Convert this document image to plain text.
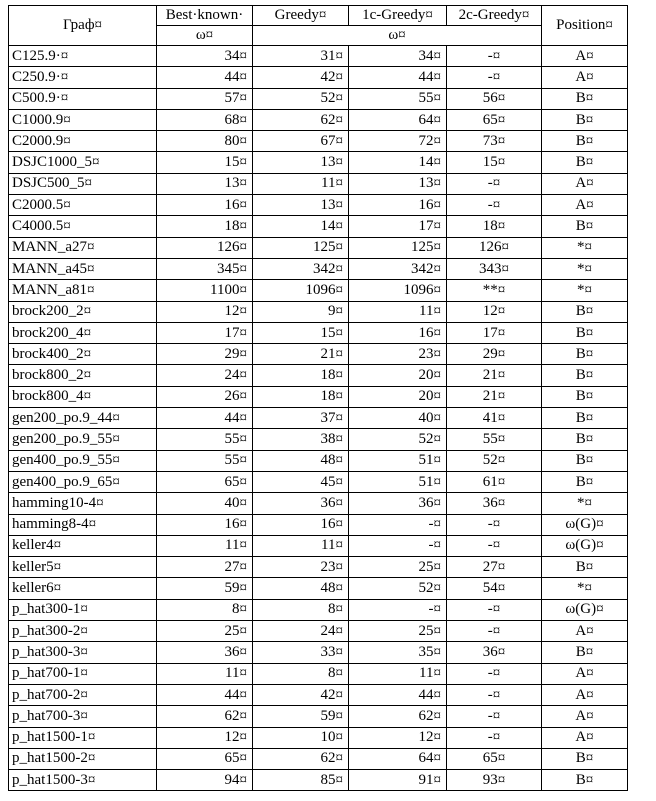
Граф¤	Best·known·	Greedy¤	1c-Greedy¤	2c-Greedy¤	Position¤
	ω¤	ω¤			
C125.9·¤	34¤	31¤	34¤	-¤	A¤
C250.9·¤	44¤	42¤	44¤	-¤	A¤
C500.9·¤	57¤	52¤	55¤	56¤	B¤
C1000.9¤	68¤	62¤	64¤	65¤	B¤
C2000.9¤	80¤	67¤	72¤	73¤	B¤
DSJC1000_5¤	15¤	13¤	14¤	15¤	B¤
DSJC500_5¤	13¤	11¤	13¤	-¤	A¤
C2000.5¤	16¤	13¤	16¤	-¤	A¤
C4000.5¤	18¤	14¤	17¤	18¤	B¤
MANN_a27¤	126¤	125¤	125¤	126¤	*¤
MANN_a45¤	345¤	342¤	342¤	343¤	*¤
MANN_a81¤	1100¤	1096¤	1096¤	**¤	*¤
brock200_2¤	12¤	9¤	11¤	12¤	B¤
brock200_4¤	17¤	15¤	16¤	17¤	B¤
brock400_2¤	29¤	21¤	23¤	29¤	B¤
brock800_2¤	24¤	18¤	20¤	21¤	B¤
brock800_4¤	26¤	18¤	20¤	21¤	B¤
gen200_po.9_44¤	44¤	37¤	40¤	41¤	B¤
gen200_po.9_55¤	55¤	38¤	52¤	55¤	B¤
gen400_po.9_55¤	55¤	48¤	51¤	52¤	B¤
gen400_po.9_65¤	65¤	45¤	51¤	61¤	B¤
hamming10-4¤	40¤	36¤	36¤	36¤	*¤
hamming8-4¤	16¤	16¤	-¤	-¤	ω(G)¤
keller4¤	11¤	11¤	-¤	-¤	ω(G)¤
keller5¤	27¤	23¤	25¤	27¤	B¤
keller6¤	59¤	48¤	52¤	54¤	*¤
p_hat300-1¤	8¤	8¤	-¤	-¤	ω(G)¤
p_hat300-2¤	25¤	24¤	25¤	-¤	A¤
p_hat300-3¤	36¤	33¤	35¤	36¤	B¤
p_hat700-1¤	11¤	8¤	11¤	-¤	A¤
p_hat700-2¤	44¤	42¤	44¤	-¤	A¤
p_hat700-3¤	62¤	59¤	62¤	-¤	A¤
p_hat1500-1¤	12¤	10¤	12¤	-¤	A¤
p_hat1500-2¤	65¤	62¤	64¤	65¤	B¤
p_hat1500-3¤	94¤	85¤	91¤	93¤	B¤
